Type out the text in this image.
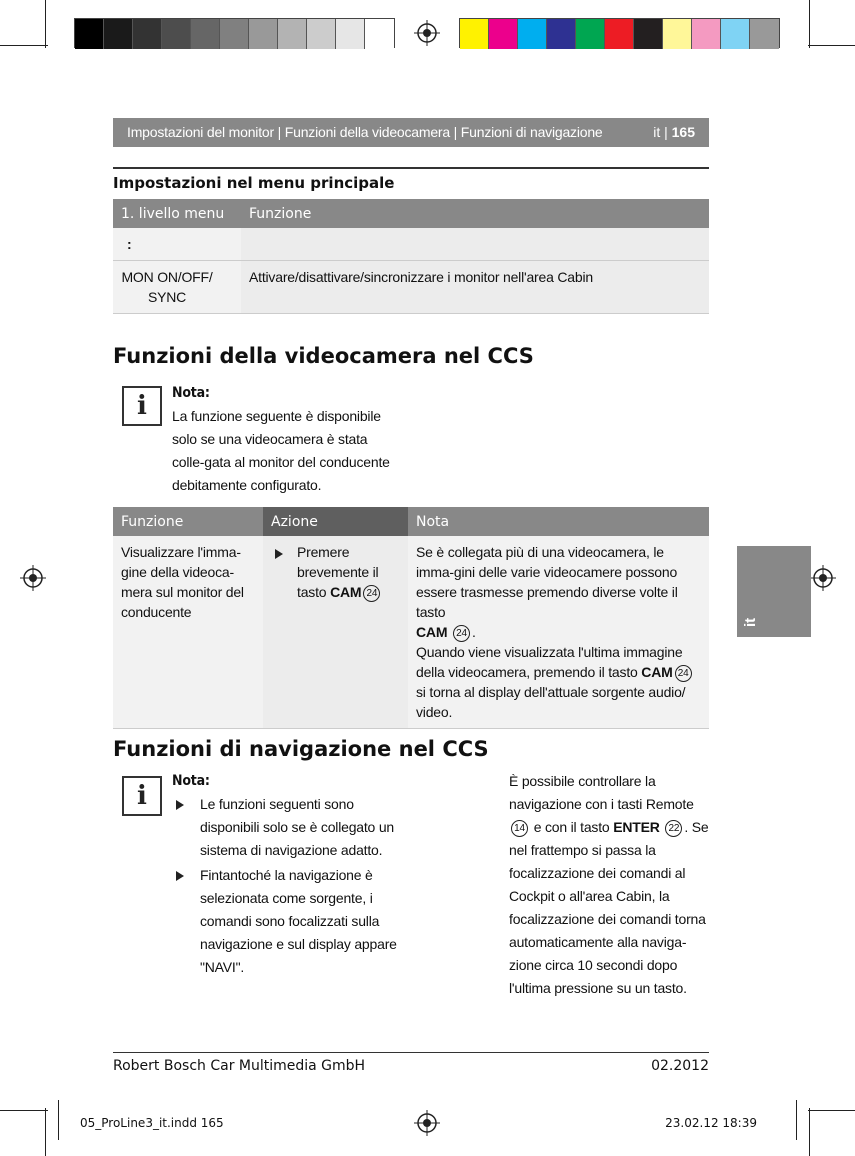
Impostazioni del monitor | Funzioni della videocamera | Funzioni di navigazione	it | 165
Impostazioni nel menu principale
1. livello menu	Funzione
:	
MON ON/OFF/
SYNC	Attivare/disattivare/sincronizzare i monitor nell'area Cabin
Funzioni della videocamera nel CCS
i	Nota:
La funzione seguente è disponibile solo se una videocamera è stata colle-gata al monitor del conducente debitamente configurato.
Funzione	Azione	Nota
Visualizzare l'imma-gine della videoca-mera sul monitor del conducente	Premere brevemente il tasto CAM 24	Se è collegata più di una videocamera, le imma-gini delle varie videocamere possono essere trasmesse premendo diverse volte il tasto
CAM 24 .
Quando viene visualizzata l'ultima immagine della videocamera, premendo il tasto CAM 24 si torna al display dell'attuale sorgente audio/ video.
Funzioni di navigazione nel CCS
i	Nota:
Le funzioni seguenti sono disponibili solo se è collegato un sistema di navigazione adatto.
Fintantoché la navigazione è selezionata come sorgente, i comandi sono focalizzati sulla navigazione e sul display appare "NAVI".
È possibile controllare la navigazione con i tasti Remote 14 e con il tasto ENTER 22 . Se nel frattempo si passa la focalizzazione dei comandi al Cockpit o all'area Cabin, la focalizzazione dei comandi torna automaticamente alla naviga-zione circa 10 secondi dopo l'ultima pressione su un tasto.
it
Robert Bosch Car Multimedia GmbH	02.2012
05_ProLine3_it.indd 165	23.02.12 18:39
